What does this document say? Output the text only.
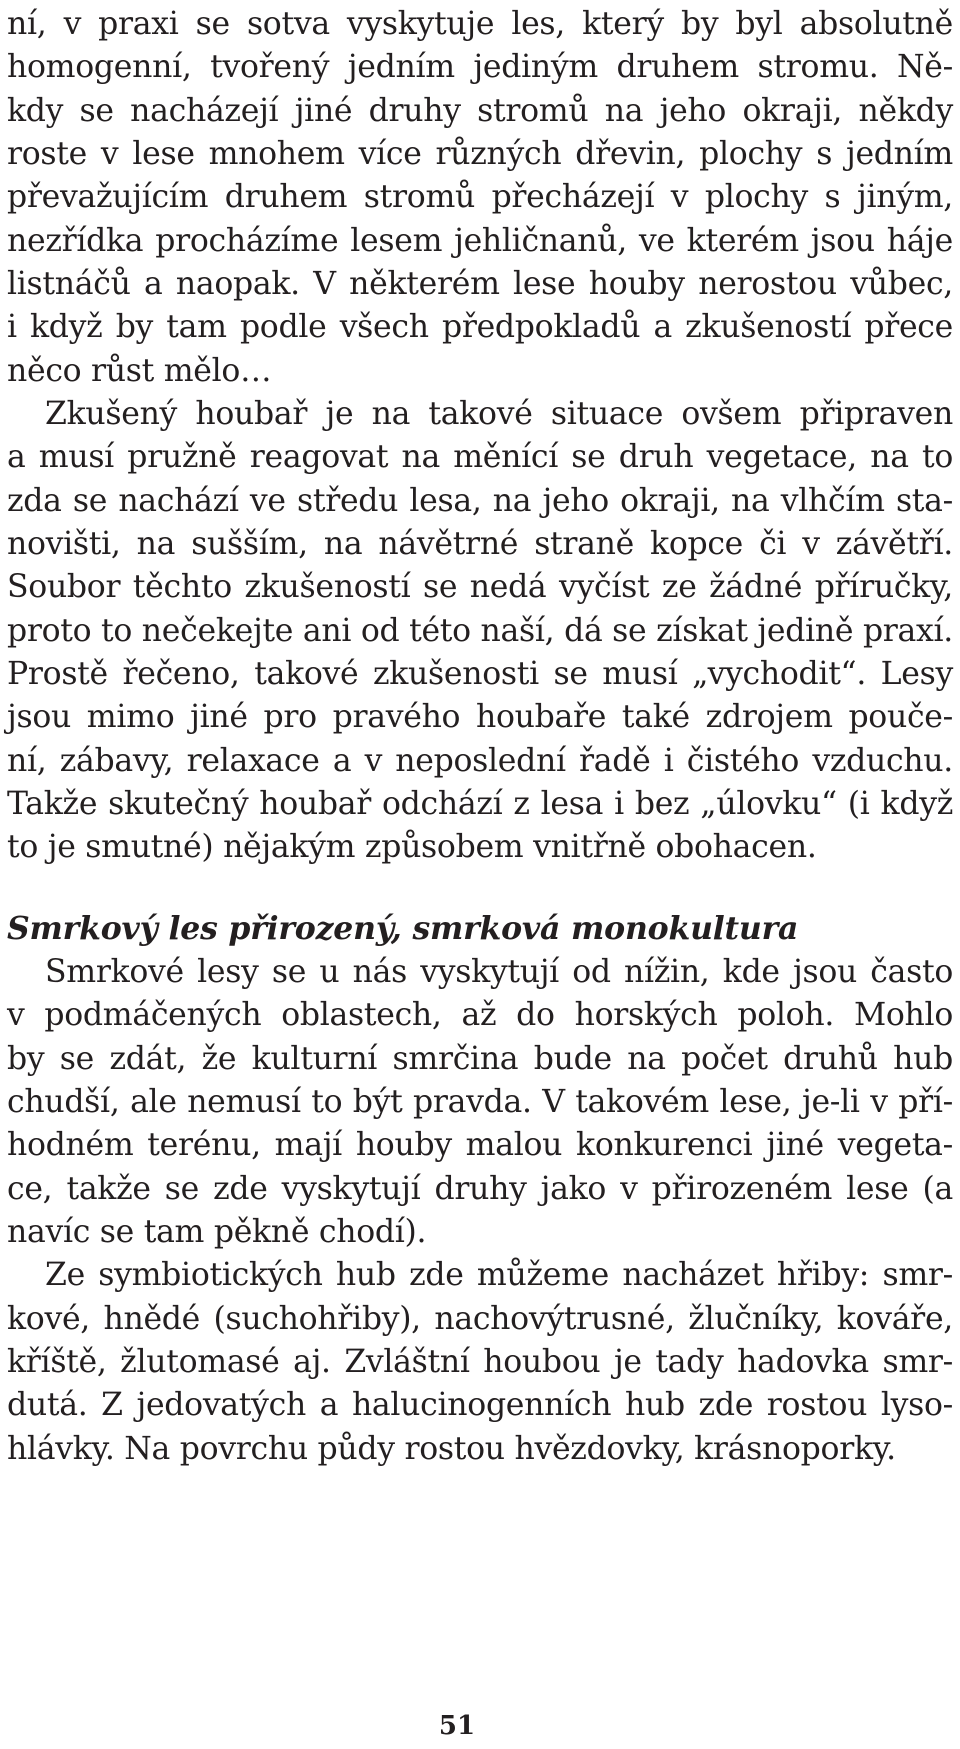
ní, v praxi se sotva vyskytuje les, který by byl absolutně
homogenní, tvořený jedním jediným druhem stromu. Ně-
kdy se nacházejí jiné druhy stromů na jeho okraji, někdy
roste v lese mnohem více různých dřevin, plochy s jedním
převažujícím druhem stromů přecházejí v plochy s jiným,
nezřídka procházíme lesem jehličnanů, ve kterém jsou háje
listnáčů a naopak. V některém lese houby nerostou vůbec,
i když by tam podle všech předpokladů a zkušeností přece
něco růst mělo…
Zkušený houbař je na takové situace ovšem připraven
a musí pružně reagovat na měnící se druh vegetace, na to
zda se nachází ve středu lesa, na jeho okraji, na vlhčím sta-
novišti, na sušším, na návětrné straně kopce či v závětří.
Soubor těchto zkušeností se nedá vyčíst ze žádné příručky,
proto to nečekejte ani od této naší, dá se získat jedině praxí.
Prostě řečeno, takové zkušenosti se musí „vychodit“. Lesy
jsou mimo jiné pro pravého houbaře také zdrojem pouče-
ní, zábavy, relaxace a v neposlední řadě i čistého vzduchu.
Takže skutečný houbař odchází z lesa i bez „úlovku“ (i když
to je smutné) nějakým způsobem vnitřně obohacen.
Smrkový les přirozený, smrková monokultura
Smrkové lesy se u nás vyskytují od nížin, kde jsou často
v podmáčených oblastech, až do horských poloh. Mohlo
by se zdát, že kulturní smrčina bude na počet druhů hub
chudší, ale nemusí to být pravda. V takovém lese, je-li v pří-
hodném terénu, mají houby malou konkurenci jiné vegeta-
ce, takže se zde vyskytují druhy jako v přirozeném lese (a
navíc se tam pěkně chodí).
Ze symbiotických hub zde můžeme nacházet hřiby: smr-
kové, hnědé (suchohřiby), nachovýtrusné, žlučníky, kováře,
kříště, žlutomasé aj. Zvláštní houbou je tady hadovka smr-
dutá. Z jedovatých a halucinogenních hub zde rostou lyso-
hlávky. Na povrchu půdy rostou hvězdovky, krásnoporky.
51
